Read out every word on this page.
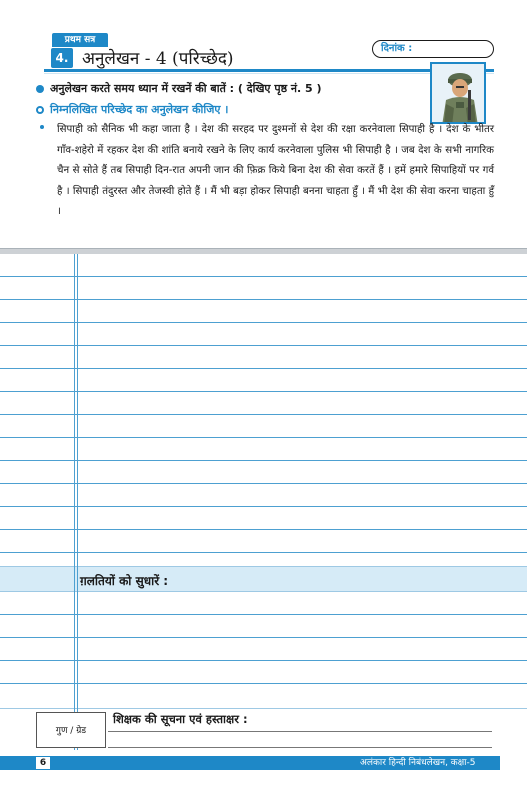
प्रथम सत्र
4. अनुलेखन - 4 (परिच्छेद)
दिनांक :
अनुलेखन करते समय ध्यान में रखनें की बातें : ( देखिए पृष्ठ नं. 5 )
निम्नलिखित परिच्छेद का अनुलेखन कीजिए ।

सिपाही को सैनिक भी कहा जाता है । देश की सरहद पर दुश्मनों से देश की रक्षा करनेवाला सिपाही है । देश के भीतर गाँव-शहेरो में रहकर देश की शांति बनाये रखने के लिए कार्य करनेवाला पुलिस भी सिपाही है । जब देश के सभी नागरिक चैन से सोते हैं तब सिपाही दिन-रात अपनी जान की फ़िक्र किये बिना देश की सेवा करतें हैं । हमें हमारे सिपाहियों पर गर्व है । सिपाही तंदुरस्त और तेजस्वी होते हैं । मैं भी बड़ा होकर सिपाही बनना चाहता हुँ । मैं भी देश की सेवा करना चाहता हुँ ।

ग़लतियों को सुधारें :
गुण / ग्रेड
शिक्षक की सूचना एवं हस्ताक्षर :
6	अलंकार हिन्दी निबंधलेखन, कक्षा-5
